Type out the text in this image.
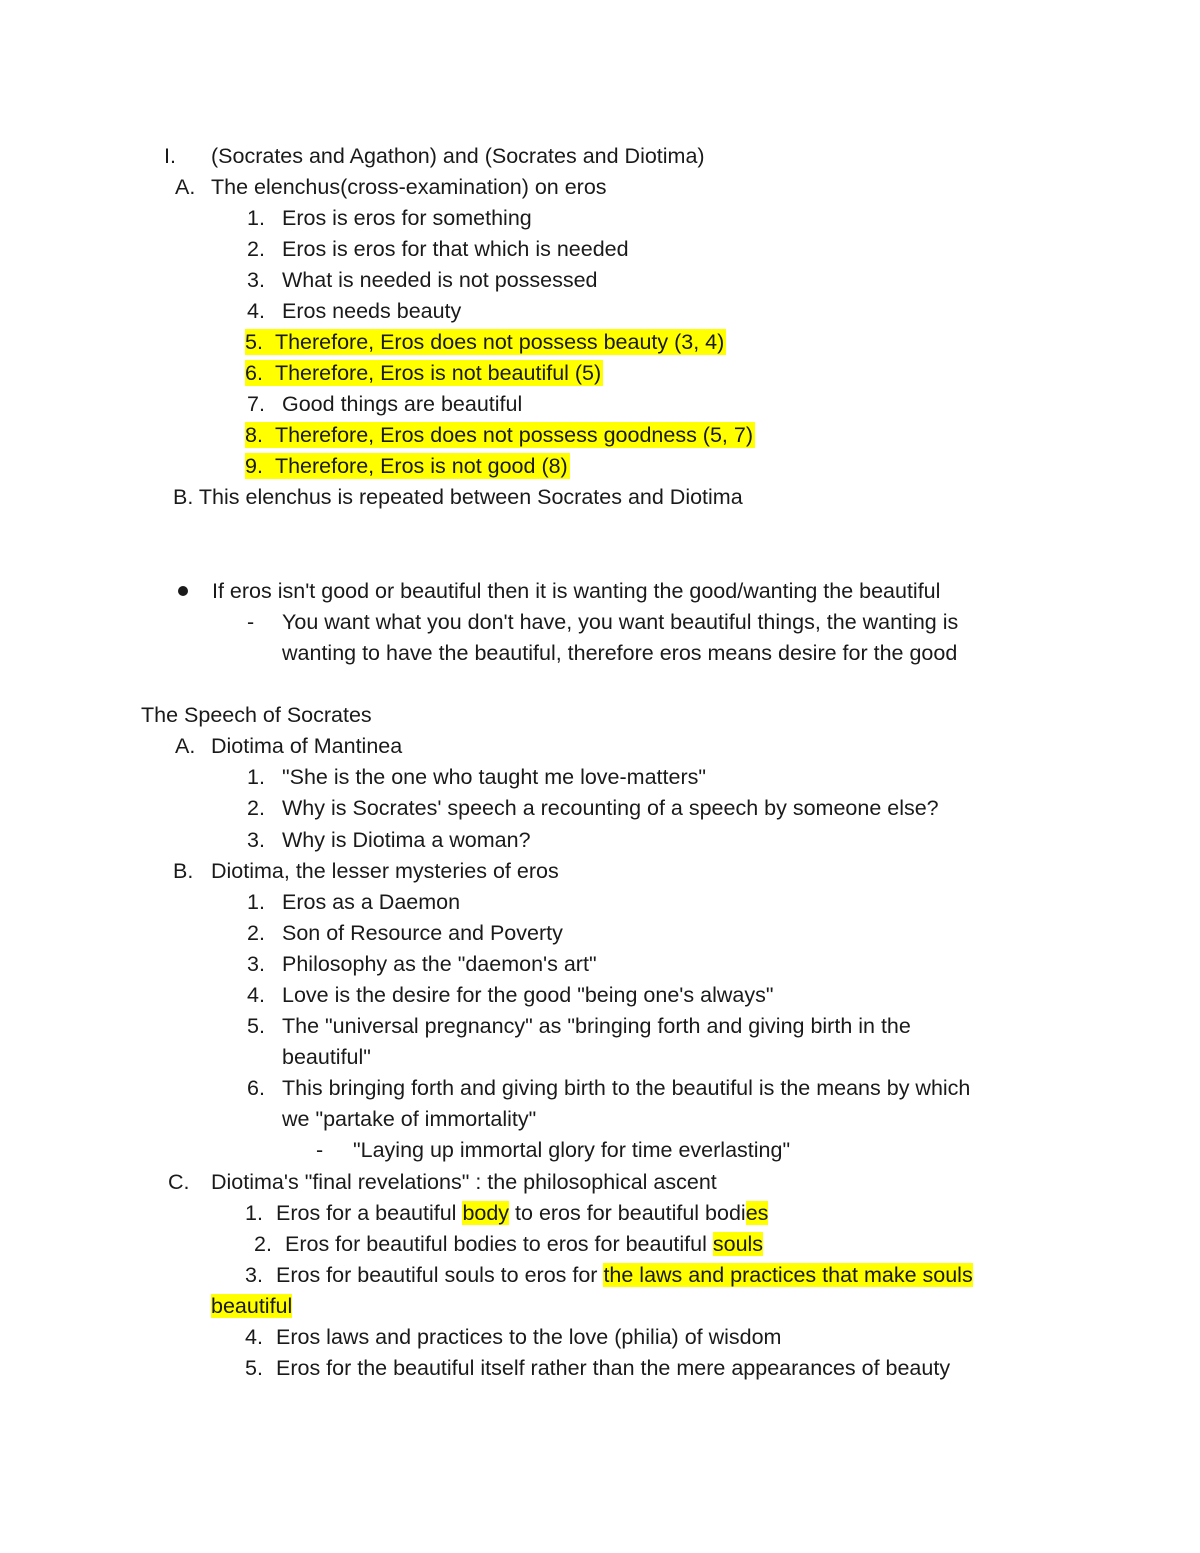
I. (Socrates and Agathon) and (Socrates and Diotima)
A. The elenchus(cross-examination) on eros
1. Eros is eros for something
2. Eros is eros for that which is needed
3. What is needed is not possessed
4. Eros needs beauty
5. Therefore, Eros does not possess beauty (3, 4)
6. Therefore, Eros is not beautiful (5)
7. Good things are beautiful
8. Therefore, Eros does not possess goodness (5, 7)
9. Therefore, Eros is not good (8)
B. This elenchus is repeated between Socrates and Diotima
If eros isn't good or beautiful then it is wanting the good/wanting the beautiful
- You want what you don't have, you want beautiful things, the wanting is
wanting to have the beautiful, therefore eros means desire for the good
The Speech of Socrates
A. Diotima of Mantinea
1. "She is the one who taught me love-matters"
2. Why is Socrates' speech a recounting of a speech by someone else?
3. Why is Diotima a woman?
B. Diotima, the lesser mysteries of eros
1. Eros as a Daemon
2. Son of Resource and Poverty
3. Philosophy as the "daemon's art"
4. Love is the desire for the good "being one's always"
5. The "universal pregnancy" as "bringing forth and giving birth in the
beautiful"
6. This bringing forth and giving birth to the beautiful is the means by which
we "partake of immortality"
- "Laying up immortal glory for time everlasting"
C. Diotima's "final revelations" : the philosophical ascent
1. Eros for a beautiful body to eros for beautiful bodies
2. Eros for beautiful bodies to eros for beautiful souls
3. Eros for beautiful souls to eros for the laws and practices that make souls
beautiful
4. Eros laws and practices to the love (philia) of wisdom
5. Eros for the beautiful itself rather than the mere appearances of beauty
